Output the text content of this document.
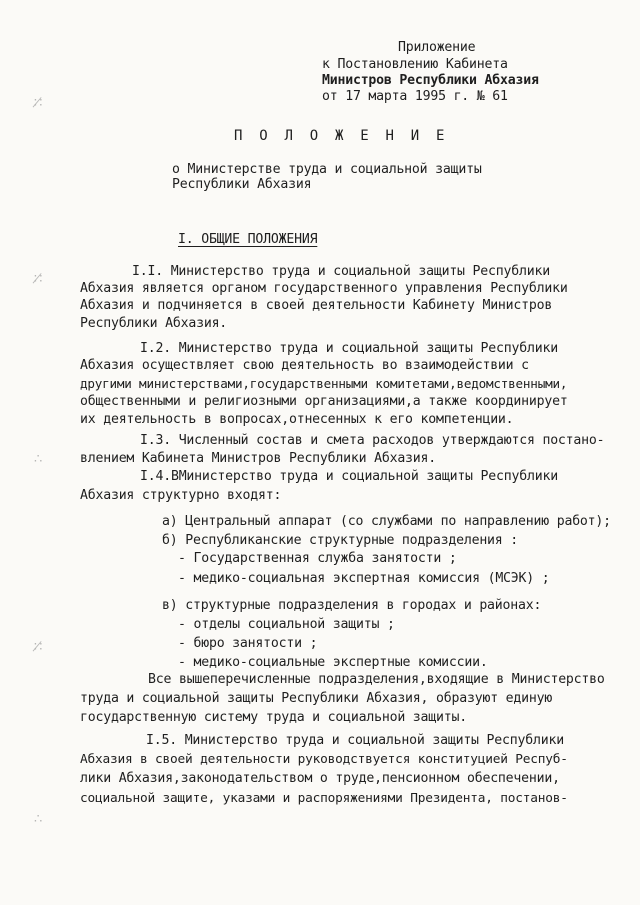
∷̸
∷̸
∴
∷̸
∴
Приложение
к Постановлению Кабинета
Министров Республики Абхазия
от 17 марта 1995 г. № 61
П О Л О Ж Е Н И Е
о Министерстве труда и социальной защиты
Республики Абхазия
I. ОБЩИЕ ПОЛОЖЕНИЯ
I.I. Министерство труда и социальной защиты Республики
Абхазия является органом государственного управления Республики
Абхазия и подчиняется в своей деятельности Кабинету Министров
Республики Абхазия.
I.2. Министерство труда и социальной защиты Республики
Абхазия осуществляет свою деятельность во взаимодействии с
другими министерствами,государственными комитетами,ведомственными,
общественными и религиозными организациями,а также координирует
их деятельность в вопросах,отнесенных к его компетенции.
I.3. Численный состав и смета расходов утверждаются постано-
влением Кабинета Министров Республики Абхазия.
I.4.ВМинистерство труда и социальной защиты Республики
Абхазия структурно входят:
а) Центральный аппарат (со службами по направлению работ);
б) Республиканские структурные подразделения :
- Государственная служба занятости ;
- медико-социальная экспертная комиссия (МСЭК) ;
в) структурные подразделения в городах и районах:
- отделы социальной защиты ;
- бюро занятости ;
- медико-социальные экспертные комиссии.
Все вышеперечисленные подразделения,входящие в Министерство
труда и социальной защиты Республики Абхазия, образуют единую
государственную систему труда и социальной защиты.
I.5. Министерство труда и социальной защиты Республики
Абхазия в своей деятельности руководствуется конституцией Респуб-
лики Абхазия,законодательством о труде,пенсионном обеспечении,
социальной защите, указами и распоряжениями Президента, постанов-
